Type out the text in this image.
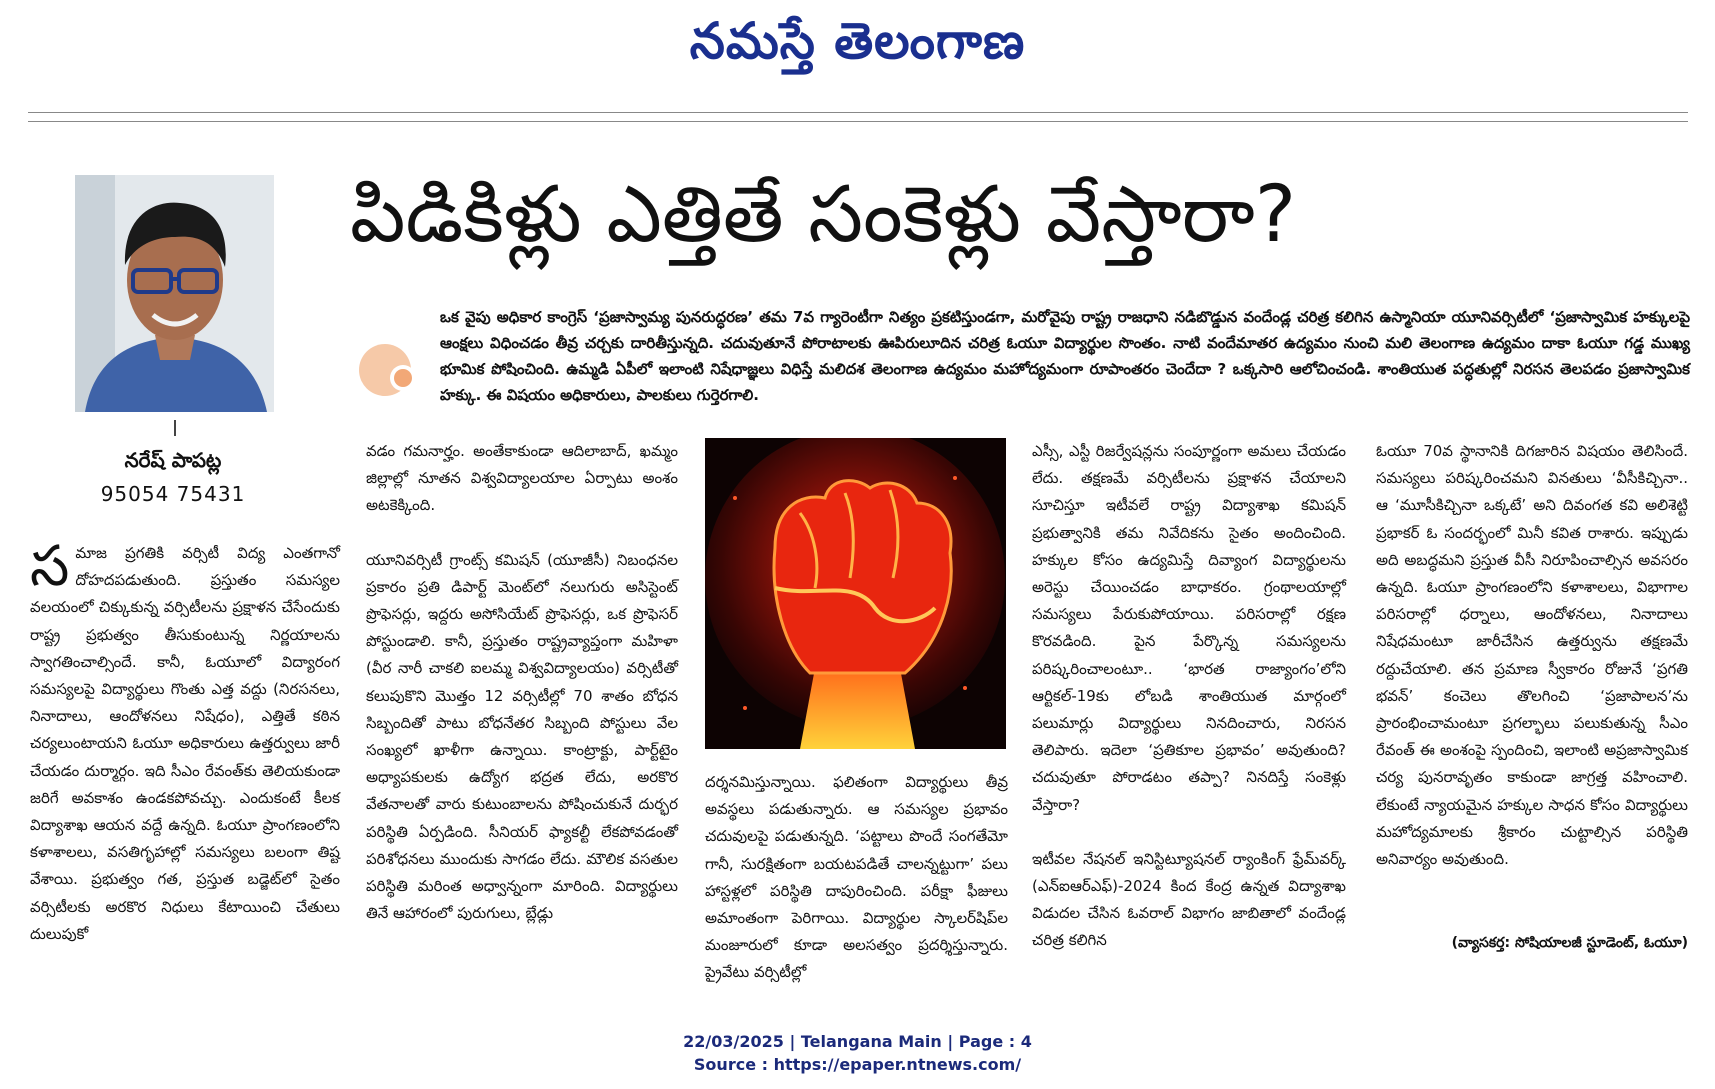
నమస్తే తెలంగాణ
పిడికిళ్లు ఎత్తితే సంకెళ్లు వేస్తారా?
ఒక వైపు అధికార కాంగ్రెస్ ‘ప్రజాస్వామ్య పునరుద్ధరణ’ తమ 7వ గ్యారెంటీగా నిత్యం ప్రకటిస్తుండగా, మరోవైపు రాష్ట్ర రాజధాని నడిబొడ్డున వందేండ్ల చరిత్ర కలిగిన ఉస్మానియా యూనివర్సిటీలో ‘ప్రజాస్వామిక హక్కులపై ఆంక్షలు విధించడం తీవ్ర చర్చకు దారితీస్తున్నది. చదువుతూనే పోరాటాలకు ఊపిరులూదిన చరిత్ర ఓయూ విద్యార్థుల సొంతం. నాటి వందేమాతర ఉద్యమం నుంచి మలి తెలంగాణ ఉద్యమం దాకా ఓయూ గడ్డ ముఖ్య భూమిక పోషించింది. ఉమ్మడి ఏపీలో ఇలాంటి నిషేధాజ్ఞలు విధిస్తే మలిదశ తెలంగాణ ఉద్యమం మహోద్యమంగా రూపాంతరం చెందేదా ? ఒక్కసారి ఆలోచించండి. శాంతియుత పద్ధతుల్లో నిరసన తెలపడం ప్రజాస్వామిక హక్కు. ఈ విషయం అధికారులు, పాలకులు గుర్తెరగాలి.
నరేష్ పాపట్ల
95054 75431

సమాజ ప్రగతికి వర్సిటీ విద్య ఎంతగానో దోహదపడుతుంది. ప్రస్తుతం సమస్యల వలయంలో చిక్కుకున్న వర్సిటీలను ప్రక్షాళన చేసేందుకు రాష్ట్ర ప్రభుత్వం తీసుకుంటున్న నిర్ణయాలను స్వాగతించాల్సిందే. కానీ, ఓయూలో విద్యారంగ సమస్యలపై విద్యార్థులు గొంతు ఎత్త వద్దు (నిరసనలు, నినాదాలు, ఆందోళనలు నిషేధం), ఎత్తితే కఠిన చర్యలుంటాయని ఓయూ అధికారులు ఉత్తర్వులు జారీ చేయడం దుర్మార్గం. ఇది సీఎం రేవంత్‌కు తెలియకుండా జరిగే అవకాశం ఉండకపోవచ్చు. ఎందుకంటే కీలక విద్యాశాఖ ఆయన వద్దే ఉన్నది. ఓయూ ప్రాంగణంలోని కళాశాలలు, వసతిగృహాల్లో సమస్యలు బలంగా తిష్ట వేశాయి. ప్రభుత్వం గత, ప్రస్తుత బడ్జెట్‌లో సైతం వర్సిటీలకు అరకొర నిధులు కేటాయించి చేతులు దులుపుకో

వడం గమనార్హం. అంతేకాకుండా ఆదిలాబాద్, ఖమ్మం జిల్లాల్లో నూతన విశ్వవిద్యాలయాల ఏర్పాటు అంశం అటకెక్కింది.

యూనివర్సిటీ గ్రాంట్స్ కమిషన్ (యూజీసీ) నిబంధనల ప్రకారం ప్రతి డిపార్ట్ మెంట్‌లో నలుగురు అసిస్టెంట్ ప్రొఫెసర్లు, ఇద్దరు అసోసియేట్ ప్రొఫెసర్లు, ఒక ప్రొఫెసర్ పోస్టుండాలి. కానీ, ప్రస్తుతం రాష్ట్రవ్యాప్తంగా మహిళా (వీర నారీ చాకలి ఐలమ్మ విశ్వవిద్యాలయం) వర్సిటీతో కలుపుకొని మొత్తం 12 వర్సిటీల్లో 70 శాతం బోధన సిబ్బందితో పాటు బోధనేతర సిబ్బంది పోస్టులు వేల సంఖ్యలో ఖాళీగా ఉన్నాయి. కాంట్రాక్టు, పార్ట్‌టైం అధ్యాపకులకు ఉద్యోగ భద్రత లేదు, అరకొర వేతనాలతో వారు కుటుంబాలను పోషించుకునే దుర్భర పరిస్థితి ఏర్పడింది. సీనియర్ ఫ్యాకల్టీ లేకపోవడంతో పరిశోధనలు ముందుకు సాగడం లేదు. మౌలిక వసతుల పరిస్థితి మరింత అధ్వాన్నంగా మారింది. విద్యార్థులు తినే ఆహారంలో పురుగులు, బ్లేడ్లు

దర్శనమిస్తున్నాయి. ఫలితంగా విద్యార్థులు తీవ్ర అవస్థలు పడుతున్నారు. ఆ సమస్యల ప్రభావం చదువులపై పడుతున్నది. ‘పట్టాలు పొందే సంగతేమో గానీ, సురక్షితంగా బయటపడితే చాలన్నట్టుగా’ పలు హాస్టళ్లలో పరిస్థితి దాపురించింది. పరీక్షా ఫీజులు అమాంతంగా పెరిగాయి. విద్యార్థుల స్కాలర్‌షిప్‌ల మంజూరులో కూడా అలసత్వం ప్రదర్శిస్తున్నారు. ప్రైవేటు వర్సిటీల్లో

ఎస్సీ, ఎస్టీ రిజర్వేషన్లను సంపూర్ణంగా అమలు చేయడం లేదు. తక్షణమే వర్సిటీలను ప్రక్షాళన చేయాలని సూచిస్తూ ఇటీవలే రాష్ట్ర విద్యాశాఖ కమిషన్ ప్రభుత్వానికి తమ నివేదికను సైతం అందించింది. హక్కుల కోసం ఉద్యమిస్తే దివ్యాంగ విద్యార్థులను అరెస్టు చేయించడం బాధాకరం. గ్రంథాలయాల్లో సమస్యలు పేరుకుపోయాయి. పరిసరాల్లో రక్షణ కొరవడింది. పైన పేర్కొన్న సమస్యలను పరిష్కరించాలంటూ.. ‘భారత రాజ్యాంగం’లోని ఆర్టికల్-19కు లోబడి శాంతియుత మార్గంలో పలుమార్లు విద్యార్థులు నినదించారు, నిరసన తెలిపారు. ఇదెలా ‘ప్రతికూల ప్రభావం’ అవుతుంది? చదువుతూ పోరాడటం తప్పా? నినదిస్తే సంకెళ్లు వేస్తారా?

ఇటీవల నేషనల్ ఇనిస్టిట్యూషనల్ ర్యాంకింగ్ ఫ్రేమ్‌వర్క్ (ఎన్‌ఐఆర్‌ఎఫ్)-2024 కింద కేంద్ర ఉన్నత విద్యాశాఖ విడుదల చేసిన ఓవరాల్ విభాగం జాబితాలో వందేండ్ల చరిత్ర కలిగిన

ఓయూ 70వ స్థానానికి దిగజారిన విషయం తెలిసిందే. సమస్యలు పరిష్కరించమని వినతులు ‘వీసీకిచ్చినా.. ఆ ‘మూసీకిచ్చినా ఒక్కటే’ అని దివంగత కవి అలిశెట్టి ప్రభాకర్ ఓ సందర్భంలో మినీ కవిత రాశారు. ఇప్పుడు అది అబద్ధమని ప్రస్తుత వీసీ నిరూపించాల్సిన అవసరం ఉన్నది. ఓయూ ప్రాంగణంలోని కళాశాలలు, విభాగాల పరిసరాల్లో ధర్నాలు, ఆందోళనలు, నినాదాలు నిషేధమంటూ జారీచేసిన ఉత్తర్వును తక్షణమే రద్దుచేయాలి. తన ప్రమాణ స్వీకారం రోజునే ‘ప్రగతి భవన్’ కంచెలు తొలగించి ‘ప్రజాపాలన’ను ప్రారంభించామంటూ ప్రగల్భాలు పలుకుతున్న సీఎం రేవంత్ ఈ అంశంపై స్పందించి, ఇలాంటి అప్రజాస్వామిక చర్య పునరావృతం కాకుండా జాగ్రత్త వహించాలి. లేకుంటే న్యాయమైన హక్కుల సాధన కోసం విద్యార్థులు మహోద్యమాలకు శ్రీకారం చుట్టాల్సిన పరిస్థితి అనివార్యం అవుతుంది.

(వ్యాసకర్త: సోషియాలజీ స్టూడెంట్, ఓయూ)
22/03/2025 | Telangana Main | Page : 4
Source : https://epaper.ntnews.com/
